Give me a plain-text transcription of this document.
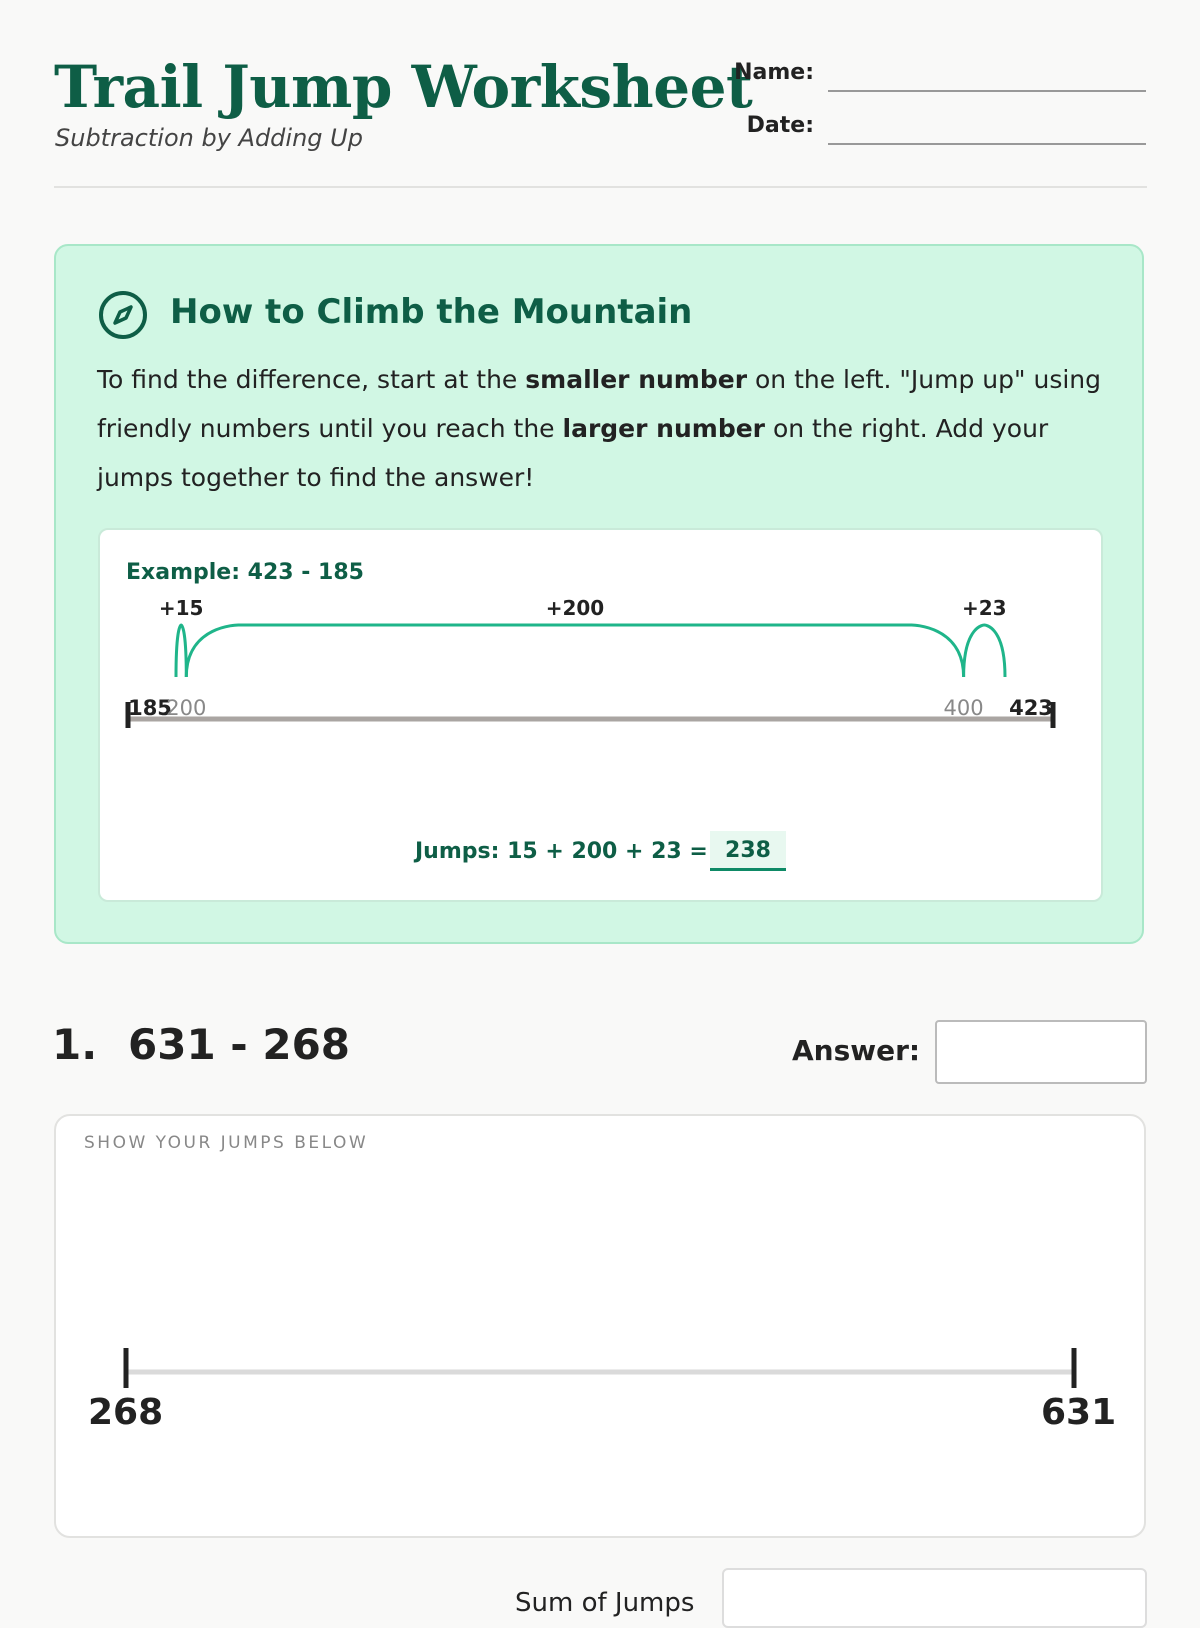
Trail Jump Worksheet
Subtraction by Adding Up
Name:
Date:
How to Climb the Mountain
To find the difference, start at the smaller number on the left. "Jump up" using friendly numbers until you reach the larger number on the right. Add your jumps together to find the answer!
Example: 423 - 185
185	423
200	400
+15	+200	+23
Jumps: 15 + 200 + 23 = 238
1. 631 - 268	Answer:
SHOW YOUR JUMPS BELOW
268	631
Sum of Jumps
